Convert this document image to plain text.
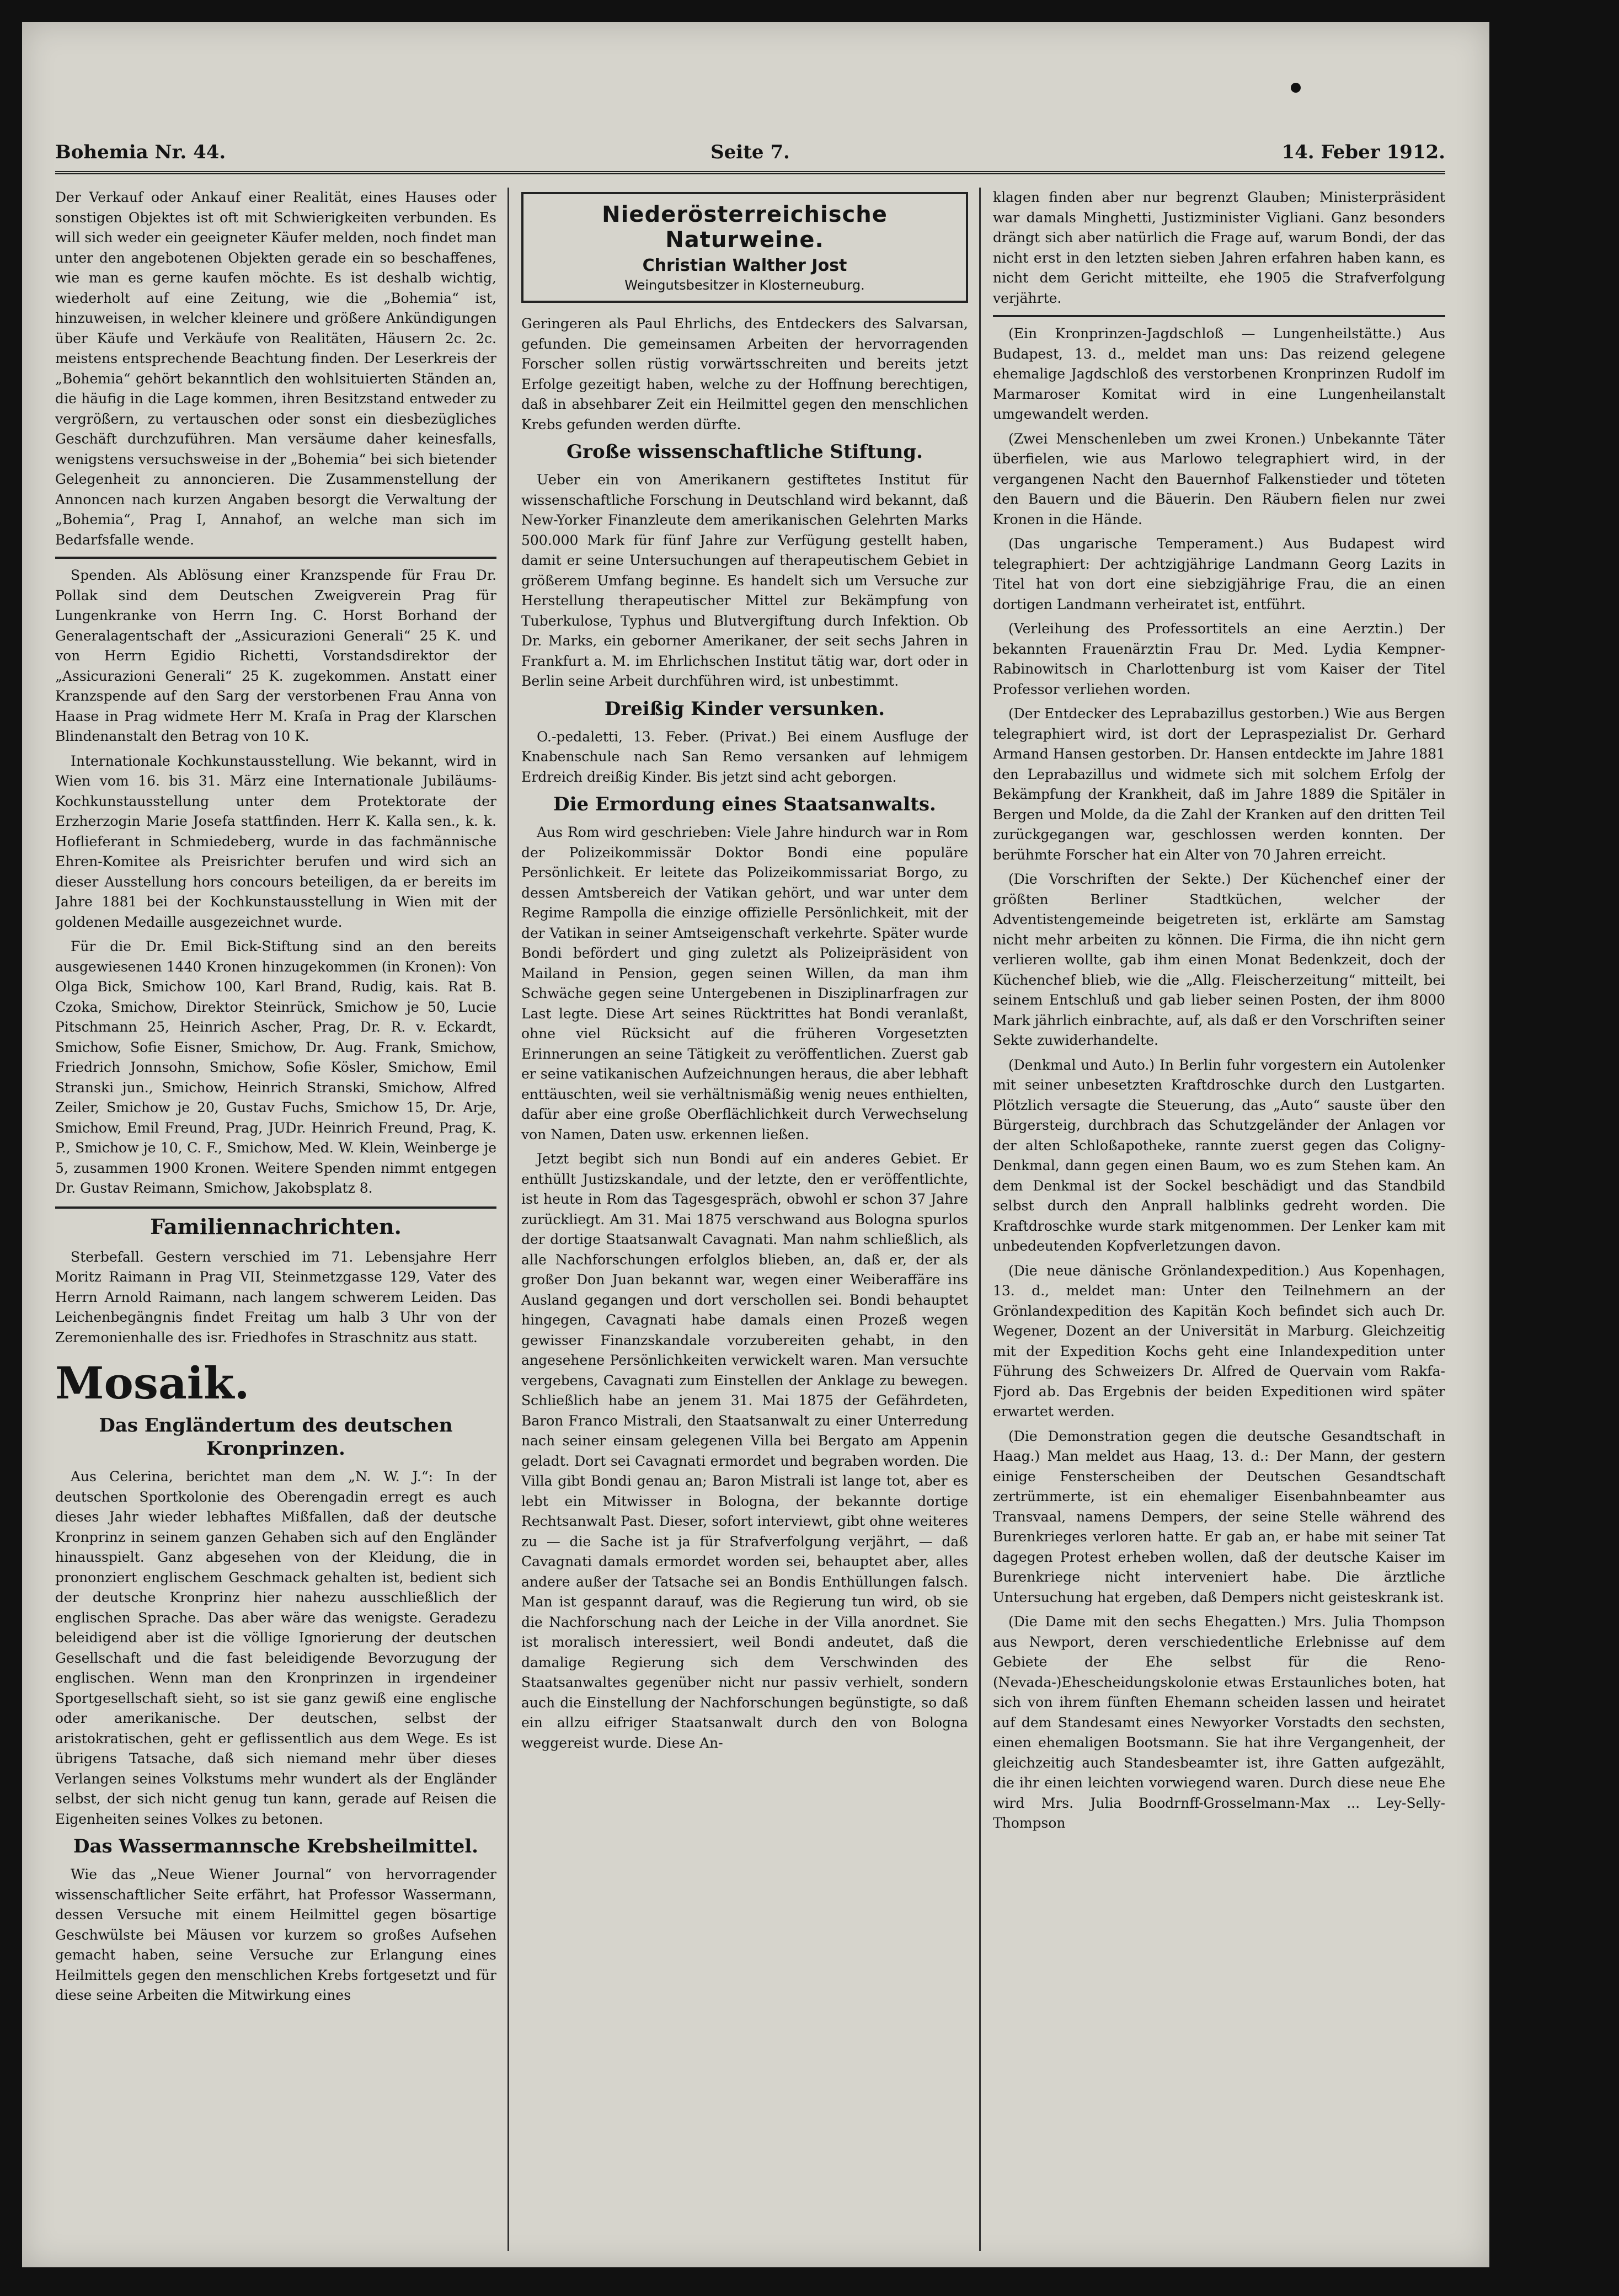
Bohemia Nr. 44.	Seite 7.	14. Feber 1912.

Der Verkauf oder Ankauf einer Realität, eines Hauses oder sonstigen Objektes ist oft mit Schwierigkeiten verbunden. Es will sich weder ein geeigneter Käufer melden, noch findet man unter den angebotenen Objekten gerade ein so beschaffenes, wie man es gerne kaufen möchte. Es ist deshalb wichtig, wiederholt auf eine Zeitung, wie die „Bohemia“ ist, hinzuweisen, in welcher kleinere und größere Ankündigungen über Käufe und Verkäufe von Realitäten, Häusern 2c. 2c. meistens entsprechende Beachtung finden. Der Leserkreis der „Bohemia“ gehört bekanntlich den wohlsituierten Ständen an, die häufig in die Lage kommen, ihren Besitzstand entweder zu vergrößern, zu vertauschen oder sonst ein diesbezügliches Geschäft durchzuführen. Man versäume daher keinesfalls, wenigstens versuchsweise in der „Bohemia“ bei sich bietender Gelegenheit zu annoncieren. Die Zusammenstellung der Annoncen nach kurzen Angaben besorgt die Verwaltung der „Bohemia“, Prag I, Annahof, an welche man sich im Bedarfsfalle wende.

Spenden. Als Ablösung einer Kranzspende für Frau Dr. Pollak sind dem Deutschen Zweigverein Prag für Lungenkranke von Herrn Ing. C. Horst Borhand der Generalagentschaft der „Assicurazioni Generali“ 25 K. und von Herrn Egidio Richetti, Vorstandsdirektor der „Assicurazioni Generali“ 25 K. zugekommen. Anstatt einer Kranzspende auf den Sarg der verstorbenen Frau Anna von Haase in Prag widmete Herr M. Kraſa in Prag der Klarschen Blindenanstalt den Betrag von 10 K.

Internationale Kochkunstausstellung. Wie bekannt, wird in Wien vom 16. bis 31. März eine Internationale Jubiläums-Kochkunstausstellung unter dem Protektorate der Erzherzogin Marie Josefa stattfinden. Herr K. Kalla sen., k. k. Hoflieferant in Schmiedeberg, wurde in das fachmännische Ehren-Komitee als Preisrichter berufen und wird sich an dieser Ausstellung hors concours beteiligen, da er bereits im Jahre 1881 bei der Kochkunstausstellung in Wien mit der goldenen Medaille ausgezeichnet wurde.

Für die Dr. Emil Bick-Stiftung sind an den bereits ausgewiesenen 1440 Kronen hinzugekommen (in Kronen): Von Olga Bick, Smichow 100, Karl Brand, Rudig, kais. Rat B. Czoka, Smichow, Direktor Steinrück, Smichow je 50, Lucie Pitschmann 25, Heinrich Ascher, Prag, Dr. R. v. Eckardt, Smichow, Sofie Eisner, Smichow, Dr. Aug. Frank, Smichow, Friedrich Jonnsohn, Smichow, Sofie Kösler, Smichow, Emil Stranski jun., Smichow, Heinrich Stranski, Smichow, Alfred Zeiler, Smichow je 20, Gustav Fuchs, Smichow 15, Dr. Arje, Smichow, Emil Freund, Prag, JUDr. Heinrich Freund, Prag, K. P., Smichow je 10, C. F., Smichow, Med. W. Klein, Weinberge je 5, zusammen 1900 Kronen. Weitere Spenden nimmt entgegen Dr. Gustav Reimann, Smichow, Jakobsplatz 8.

Familiennachrichten.

Sterbefall. Gestern verschied im 71. Lebensjahre Herr Moritz Raimann in Prag VII, Steinmetzgasse 129, Vater des Herrn Arnold Raimann, nach langem schwerem Leiden. Das Leichenbegängnis findet Freitag um halb 3 Uhr von der Zeremonienhalle des isr. Friedhofes in Straschnitz aus statt.

Mosaik.
Das Engländertum des deutschen Kronprinzen.

Aus Celerina, berichtet man dem „N. W. J.“: In der deutschen Sportkolonie des Oberengadin erregt es auch dieses Jahr wieder lebhaftes Mißfallen, daß der deutsche Kronprinz in seinem ganzen Gehaben sich auf den Engländer hinausspielt. Ganz abgesehen von der Kleidung, die in prononziert englischem Geschmack gehalten ist, bedient sich der deutsche Kronprinz hier nahezu ausschließlich der englischen Sprache. Das aber wäre das wenigste. Geradezu beleidigend aber ist die völlige Ignorierung der deutschen Gesellschaft und die fast beleidigende Bevorzugung der englischen. Wenn man den Kronprinzen in irgendeiner Sportgesellschaft sieht, so ist sie ganz gewiß eine englische oder amerikanische. Der deutschen, selbst der aristokratischen, geht er geflissentlich aus dem Wege. Es ist übrigens Tatsache, daß sich niemand mehr über dieses Verlangen seines Volkstums mehr wundert als der Engländer selbst, der sich nicht genug tun kann, gerade auf Reisen die Eigenheiten seines Volkes zu betonen.

Das Wassermannsche Krebsheilmittel.

Wie das „Neue Wiener Journal“ von hervorragender wissenschaftlicher Seite erfährt, hat Professor Wassermann, dessen Versuche mit einem Heilmittel gegen bösartige Geschwülste bei Mäusen vor kurzem so großes Aufsehen gemacht haben, seine Versuche zur Erlangung eines Heilmittels gegen den menschlichen Krebs fortgesetzt und für diese seine Arbeiten die Mitwirkung eines

Niederösterreichische Naturweine.
Christian Walther Jost
Weingutsbesitzer in Klosterneuburg.

Geringeren als Paul Ehrlichs, des Entdeckers des Salvarsan, gefunden. Die gemeinsamen Arbeiten der hervorragenden Forscher sollen rüstig vorwärtsschreiten und bereits jetzt Erfolge gezeitigt haben, welche zu der Hoffnung berechtigen, daß in absehbarer Zeit ein Heilmittel gegen den menschlichen Krebs gefunden werden dürfte.

Große wissenschaftliche Stiftung.

Ueber ein von Amerikanern gestiftetes Institut für wissenschaftliche Forschung in Deutschland wird bekannt, daß New-Yorker Finanzleute dem amerikanischen Gelehrten Marks 500.000 Mark für fünf Jahre zur Verfügung gestellt haben, damit er seine Untersuchungen auf therapeutischem Gebiet in größerem Umfang beginne. Es handelt sich um Versuche zur Herstellung therapeutischer Mittel zur Bekämpfung von Tuberkulose, Typhus und Blutvergiftung durch Infektion. Ob Dr. Marks, ein geborner Amerikaner, der seit sechs Jahren in Frankfurt a. M. im Ehrlichschen Institut tätig war, dort oder in Berlin seine Arbeit durchführen wird, ist unbestimmt.

Dreißig Kinder versunken.

O.-pedaletti, 13. Feber. (Privat.) Bei einem Ausfluge der Knabenschule nach San Remo versanken auf lehmigem Erdreich dreißig Kinder. Bis jetzt sind acht geborgen.

Die Ermordung eines Staatsanwalts.

Aus Rom wird geschrieben: Viele Jahre hindurch war in Rom der Polizeikommissär Doktor Bondi eine populäre Persönlichkeit. Er leitete das Polizeikommissariat Borgo, zu dessen Amtsbereich der Vatikan gehört, und war unter dem Regime Rampolla die einzige offizielle Persönlichkeit, mit der der Vatikan in seiner Amtseigenschaft verkehrte. Später wurde Bondi befördert und ging zuletzt als Polizeipräsident von Mailand in Pension, gegen seinen Willen, da man ihm Schwäche gegen seine Untergebenen in Disziplinarfragen zur Last legte. Diese Art seines Rücktrittes hat Bondi veranlaßt, ohne viel Rücksicht auf die früheren Vorgesetzten Erinnerungen an seine Tätigkeit zu veröffentlichen. Zuerst gab er seine vatikanischen Aufzeichnungen heraus, die aber lebhaft enttäuschten, weil sie verhältnismäßig wenig neues enthielten, dafür aber eine große Oberflächlichkeit durch Verwechselung von Namen, Daten usw. erkennen ließen.

Jetzt begibt sich nun Bondi auf ein anderes Gebiet. Er enthüllt Justizskandale, und der letzte, den er veröffentlichte, ist heute in Rom das Tagesgespräch, obwohl er schon 37 Jahre zurückliegt. Am 31. Mai 1875 verschwand aus Bologna spurlos der dortige Staatsanwalt Cavagnati. Man nahm schließlich, als alle Nachforschungen erfolglos blieben, an, daß er, der als großer Don Juan bekannt war, wegen einer Weiberaffäre ins Ausland gegangen und dort verschollen sei. Bondi behauptet hingegen, Cavagnati habe damals einen Prozeß wegen gewisser Finanzskandale vorzubereiten gehabt, in den angesehene Persönlichkeiten verwickelt waren. Man versuchte vergebens, Cavagnati zum Einstellen der Anklage zu bewegen. Schließlich habe an jenem 31. Mai 1875 der Gefährdeten, Baron Franco Mistrali, den Staatsanwalt zu einer Unterredung nach seiner einsam gelegenen Villa bei Bergato am Appenin geladt. Dort sei Cavagnati ermordet und begraben worden. Die Villa gibt Bondi genau an; Baron Mistrali ist lange tot, aber es lebt ein Mitwisser in Bologna, der bekannte dortige Rechtsanwalt Past. Dieser, sofort interviewt, gibt ohne weiteres zu — die Sache ist ja für Strafverfolgung verjährt, — daß Cavagnati damals ermordet worden sei, behauptet aber, alles andere außer der Tatsache sei an Bondis Enthüllungen falsch. Man ist gespannt darauf, was die Regierung tun wird, ob sie die Nachforschung nach der Leiche in der Villa anordnet. Sie ist moralisch interessiert, weil Bondi andeutet, daß die damalige Regierung sich dem Verschwinden des Staatsanwaltes gegenüber nicht nur passiv verhielt, sondern auch die Einstellung der Nachforschungen begünstigte, so daß ein allzu eifriger Staatsanwalt durch den von Bologna weggereist wurde. Diese An-

klagen finden aber nur begrenzt Glauben; Ministerpräsident war damals Minghetti, Justizminister Vigliani. Ganz besonders drängt sich aber natürlich die Frage auf, warum Bondi, der das nicht erst in den letzten sieben Jahren erfahren haben kann, es nicht dem Gericht mitteilte, ehe 1905 die Strafverfolgung verjährte.

(Ein Kronprinzen-Jagdschloß — Lungenheilstätte.) Aus Budapest, 13. d., meldet man uns: Das reizend gelegene ehemalige Jagdschloß des verstorbenen Kronprinzen Rudolf im Marmaroser Komitat wird in eine Lungenheilanstalt umgewandelt werden.

(Zwei Menschenleben um zwei Kronen.) Unbekannte Täter überfielen, wie aus Marlowo telegraphiert wird, in der vergangenen Nacht den Bauernhof Falkenstieder und töteten den Bauern und die Bäuerin. Den Räubern fielen nur zwei Kronen in die Hände.

(Das ungarische Temperament.) Aus Budapest wird telegraphiert: Der achtzigjährige Landmann Georg Lazits in Titel hat von dort eine siebzigjährige Frau, die an einen dortigen Landmann verheiratet ist, entführt.

(Verleihung des Professortitels an eine Aerztin.) Der bekannten Frauenärztin Frau Dr. Med. Lydia Kempner-Rabinowitsch in Charlottenburg ist vom Kaiser der Titel Professor verliehen worden.

(Der Entdecker des Leprabazillus gestorben.) Wie aus Bergen telegraphiert wird, ist dort der Lepraspezialist Dr. Gerhard Armand Hansen gestorben. Dr. Hansen entdeckte im Jahre 1881 den Leprabazillus und widmete sich mit solchem Erfolg der Bekämpfung der Krankheit, daß im Jahre 1889 die Spitäler in Bergen und Molde, da die Zahl der Kranken auf den dritten Teil zurückgegangen war, geschlossen werden konnten. Der berühmte Forscher hat ein Alter von 70 Jahren erreicht.

(Die Vorschriften der Sekte.) Der Küchenchef einer der größten Berliner Stadtküchen, welcher der Adventistengemeinde beigetreten ist, erklärte am Samstag nicht mehr arbeiten zu können. Die Firma, die ihn nicht gern verlieren wollte, gab ihm einen Monat Bedenkzeit, doch der Küchenchef blieb, wie die „Allg. Fleischerzeitung“ mitteilt, bei seinem Entschluß und gab lieber seinen Posten, der ihm 8000 Mark jährlich einbrachte, auf, als daß er den Vorschriften seiner Sekte zuwiderhandelte.

(Denkmal und Auto.) In Berlin fuhr vorgestern ein Autolenker mit seiner unbesetzten Kraftdroschke durch den Lustgarten. Plötzlich versagte die Steuerung, das „Auto“ sauste über den Bürgersteig, durchbrach das Schutzgeländer der Anlagen vor der alten Schloßapotheke, rannte zuerst gegen das Coligny-Denkmal, dann gegen einen Baum, wo es zum Stehen kam. An dem Denkmal ist der Sockel beschädigt und das Standbild selbst durch den Anprall halblinks gedreht worden. Die Kraftdroschke wurde stark mitgenommen. Der Lenker kam mit unbedeutenden Kopfverletzungen davon.

(Die neue dänische Grönlandexpedition.) Aus Kopenhagen, 13. d., meldet man: Unter den Teilnehmern an der Grönlandexpedition des Kapitän Koch befindet sich auch Dr. Wegener, Dozent an der Universität in Marburg. Gleichzeitig mit der Expedition Kochs geht eine Inlandexpedition unter Führung des Schweizers Dr. Alfred de Quervain vom Rakfa-Fjord ab. Das Ergebnis der beiden Expeditionen wird später erwartet werden.

(Die Demonstration gegen die deutsche Gesandtschaft in Haag.) Man meldet aus Haag, 13. d.: Der Mann, der gestern einige Fensterscheiben der Deutschen Gesandtschaft zertrümmerte, ist ein ehemaliger Eisenbahnbeamter aus Transvaal, namens Dempers, der seine Stelle während des Burenkrieges verloren hatte. Er gab an, er habe mit seiner Tat dagegen Protest erheben wollen, daß der deutsche Kaiser im Burenkriege nicht interveniert habe. Die ärztliche Untersuchung hat ergeben, daß Dempers nicht geisteskrank ist.

(Die Dame mit den sechs Ehegatten.) Mrs. Julia Thompson aus Newport, deren verschiedentliche Erlebnisse auf dem Gebiete der Ehe selbst für die Reno-(Nevada-)Ehescheidungskolonie etwas Erstaunliches boten, hat sich von ihrem fünften Ehemann scheiden lassen und heiratet auf dem Standesamt eines Newyorker Vorstadts den sechsten, einen ehemaligen Bootsmann. Sie hat ihre Vergangenheit, der gleichzeitig auch Standesbeamter ist, ihre Gatten aufgezählt, die ihr einen leichten vorwiegend waren. Durch diese neue Ehe wird Mrs. Julia Boodrnff-Grosselmann-Max ... Ley-Selly-Thompson
